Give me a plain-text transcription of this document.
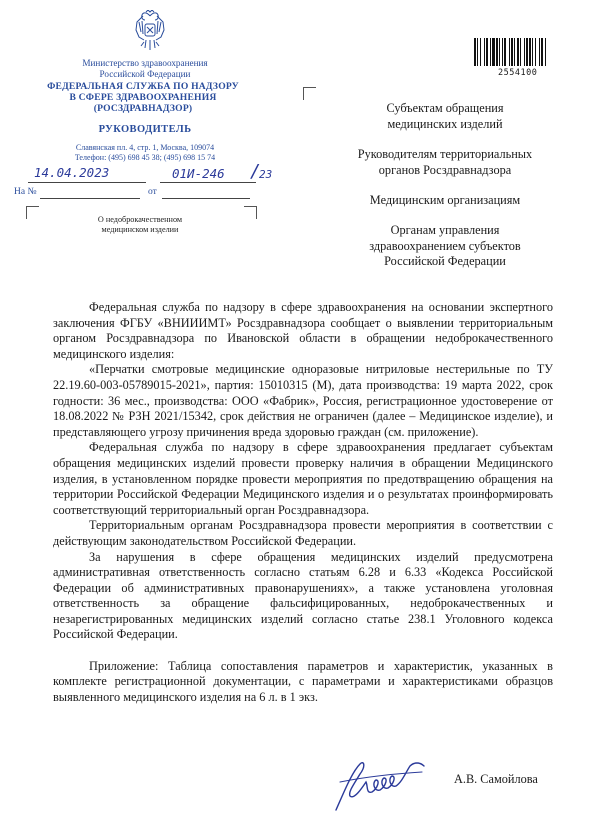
Министерство здравоохранения
Российской Федерации
ФЕДЕРАЛЬНАЯ СЛУЖБА ПО НАДЗОРУ
В СФЕРЕ ЗДРАВООХРАНЕНИЯ
(РОСЗДРАВНАДЗОР)
РУКОВОДИТЕЛЬ
Славянская пл. 4, стр. 1, Москва, 109074
Телефон: (495) 698 45 38; (495) 698 15 74
14.04.2023	01И-246 /
23
На №	от
О недоброкачественном
медицинском изделии
2554100
Субъектам обращения
медицинских изделий
Руководителям территориальных
органов Росздравнадзора
Медицинским организациям
Органам управления
здравоохранением субъектов
Российской Федерации

Федеральная служба по надзору в сфере здравоохранения на основании экспертного заключения ФГБУ «ВНИИИМТ» Росздравнадзора сообщает о выявлении территориальным органом Росздравнадзора по Ивановской области в обращении недоброкачественного медицинского изделия:

«Перчатки смотровые медицинские одноразовые нитриловые нестерильные по ТУ 22.19.60-003-05789015-2021», партия: 15010315 (М), дата производства: 19 марта 2022, срок годности: 36 мес., производства: ООО «Фабрик», Россия, регистрационное удостоверение от 18.08.2022 № РЗН 2021/15342, срок действия не ограничен (далее – Медицинское изделие), и представляющего угрозу причинения вреда здоровью граждан (см. приложение).

Федеральная служба по надзору в сфере здравоохранения предлагает субъектам обращения медицинских изделий провести проверку наличия в обращении Медицинского изделия, в установленном порядке провести мероприятия по предотвращению обращения на территории Российской Федерации Медицинского изделия и о результатах проинформировать соответствующий территориальный орган Росздравнадзора.

Территориальным органам Росздравнадзора провести мероприятия в соответствии с действующим законодательством Российской Федерации.

За нарушения в сфере обращения медицинских изделий предусмотрена административная ответственность согласно статьям 6.28 и 6.33 «Кодекса Российской Федерации об административных правонарушениях», а также установлена уголовная ответственность за обращение фальсифицированных, недоброкачественных и незарегистрированных медицинских изделий согласно статье 238.1 Уголовного кодекса Российской Федерации.

Приложение: Таблица сопоставления параметров и характеристик, указанных в комплекте регистрационной документации, с параметрами и характеристиками образцов выявленного медицинского изделия на 6 л. в 1 экз.

А.В. Самойлова
